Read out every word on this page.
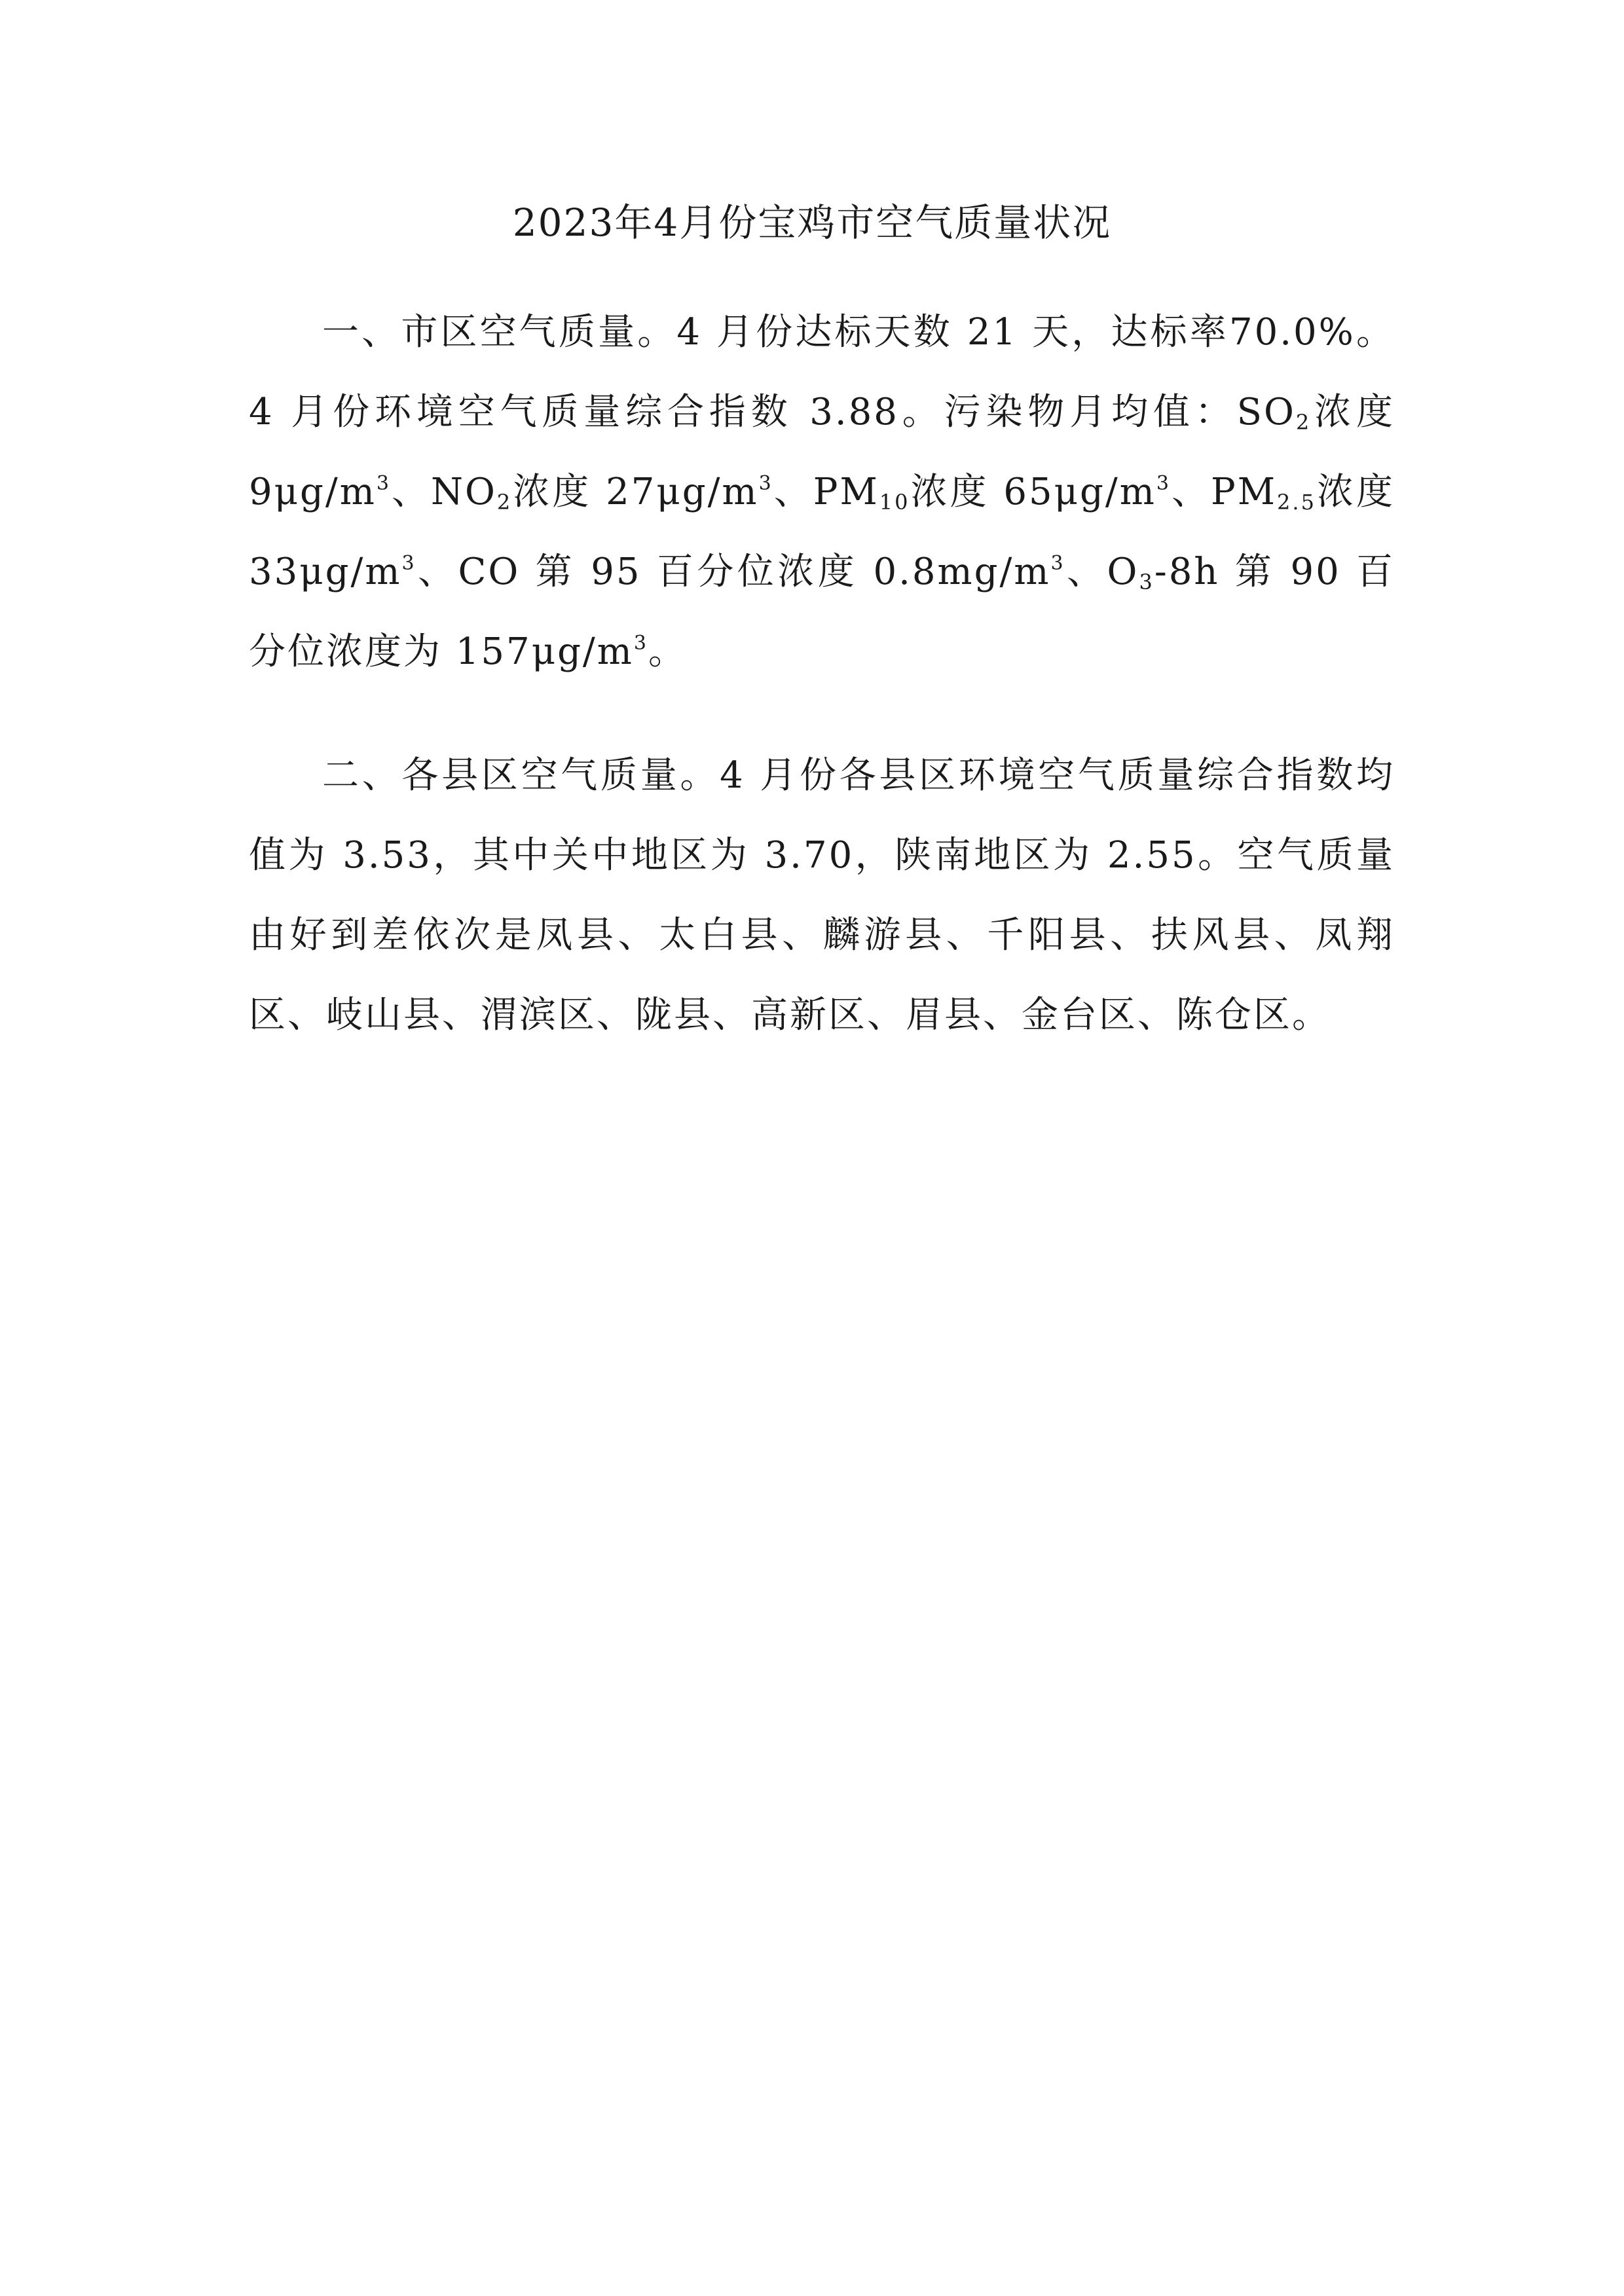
2023年4月份宝鸡市空气质量状况

一、市区空气质量。4 月份达标天数 21 天，达标率70.0%。4 月份环境空气质量综合指数 3.88。污染物月均值：$SO_2$浓度 $9\mu g/m^3$、$NO_2$浓度 $27\mu g/m^3$、$PM_{10}$浓度 $65\mu g/m^3$、$PM_{2.5}$浓度 $33\mu g/m^3$、CO 第 95 百分位浓度 $0.8mg/m^3$、$O_3-8h$ 第 90 百分位浓度为 $157\mu g/m^3$。

二、各县区空气质量。4 月份各县区环境空气质量综合指数均值为 3.53，其中关中地区为 3.70，陕南地区为 2.55。空气质量由好到差依次是凤县、太白县、麟游县、千阳县、扶风县、凤翔区、岐山县、渭滨区、陇县、高新区、眉县、金台区、陈仓区。
